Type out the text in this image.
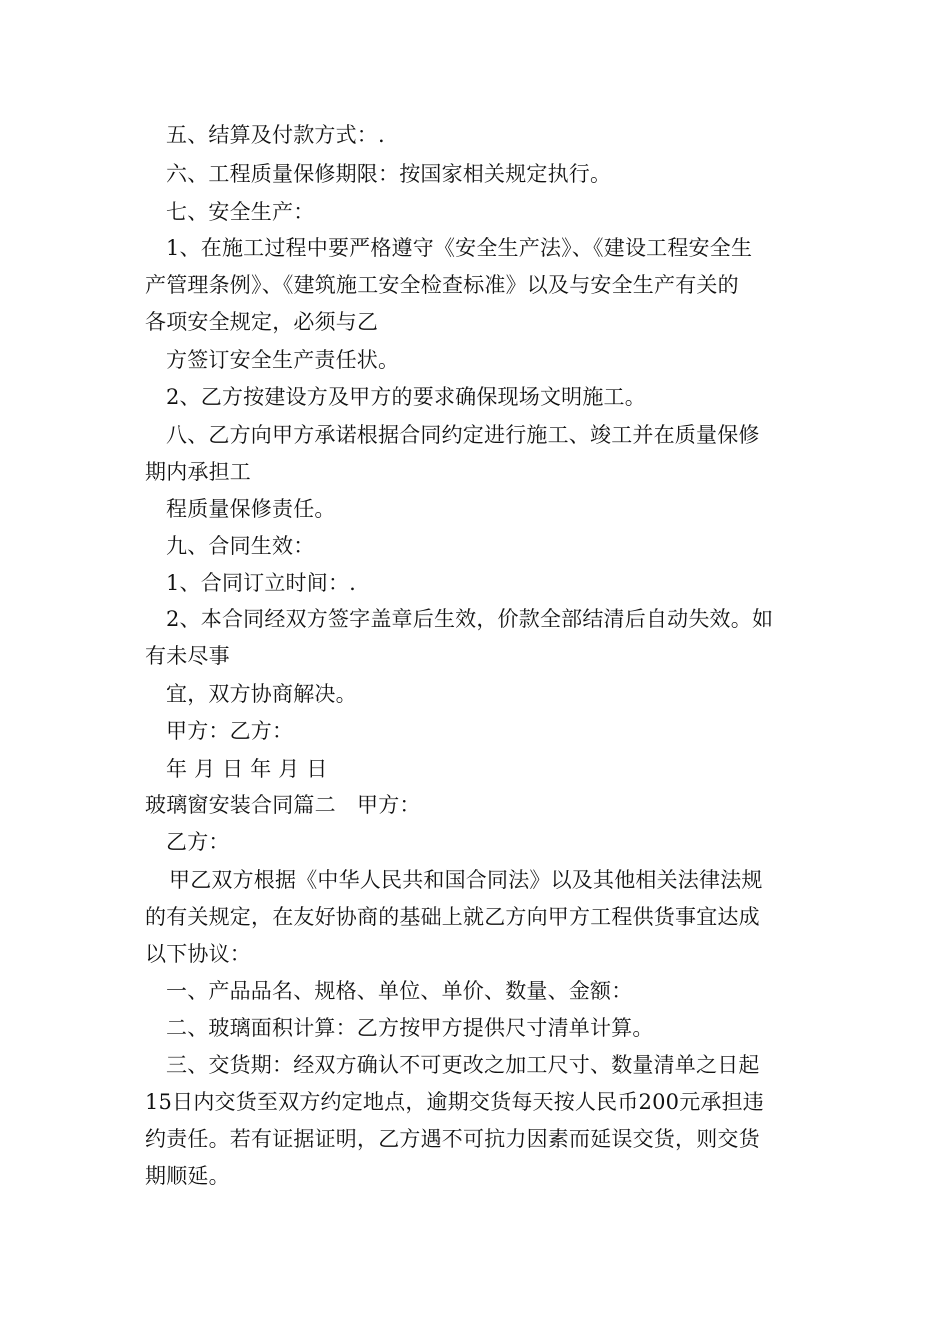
五、结算及付款方式：.
六、工程质量保修期限：按国家相关规定执行。
七、安全生产：
1、在施工过程中要严格遵守《安全生产法》、《建设工程安全生
产管理条例》、《建筑施工安全检查标准》以及与安全生产有关的
各项安全规定，必须与乙
方签订安全生产责任状。
2、乙方按建设方及甲方的要求确保现场文明施工。
八、乙方向甲方承诺根据合同约定进行施工、竣工并在质量保修
期内承担工
程质量保修责任。
九、合同生效：
1、合同订立时间：.
2、本合同经双方签字盖章后生效，价款全部结清后自动失效。如
有未尽事
宜，双方协商解决。
甲方：乙方：
年 月 日 年 月 日
玻璃窗安装合同篇二　甲方：
乙方：
甲乙双方根据《中华人民共和国合同法》以及其他相关法律法规
的有关规定，在友好协商的基础上就乙方向甲方工程供货事宜达成
以下协议：
一、产品品名、规格、单位、单价、数量、金额：
二、玻璃面积计算：乙方按甲方提供尺寸清单计算。
三、交货期：经双方确认不可更改之加工尺寸、数量清单之日起
15日内交货至双方约定地点，逾期交货每天按人民币200元承担违
约责任。若有证据证明，乙方遇不可抗力因素而延误交货，则交货
期顺延。
